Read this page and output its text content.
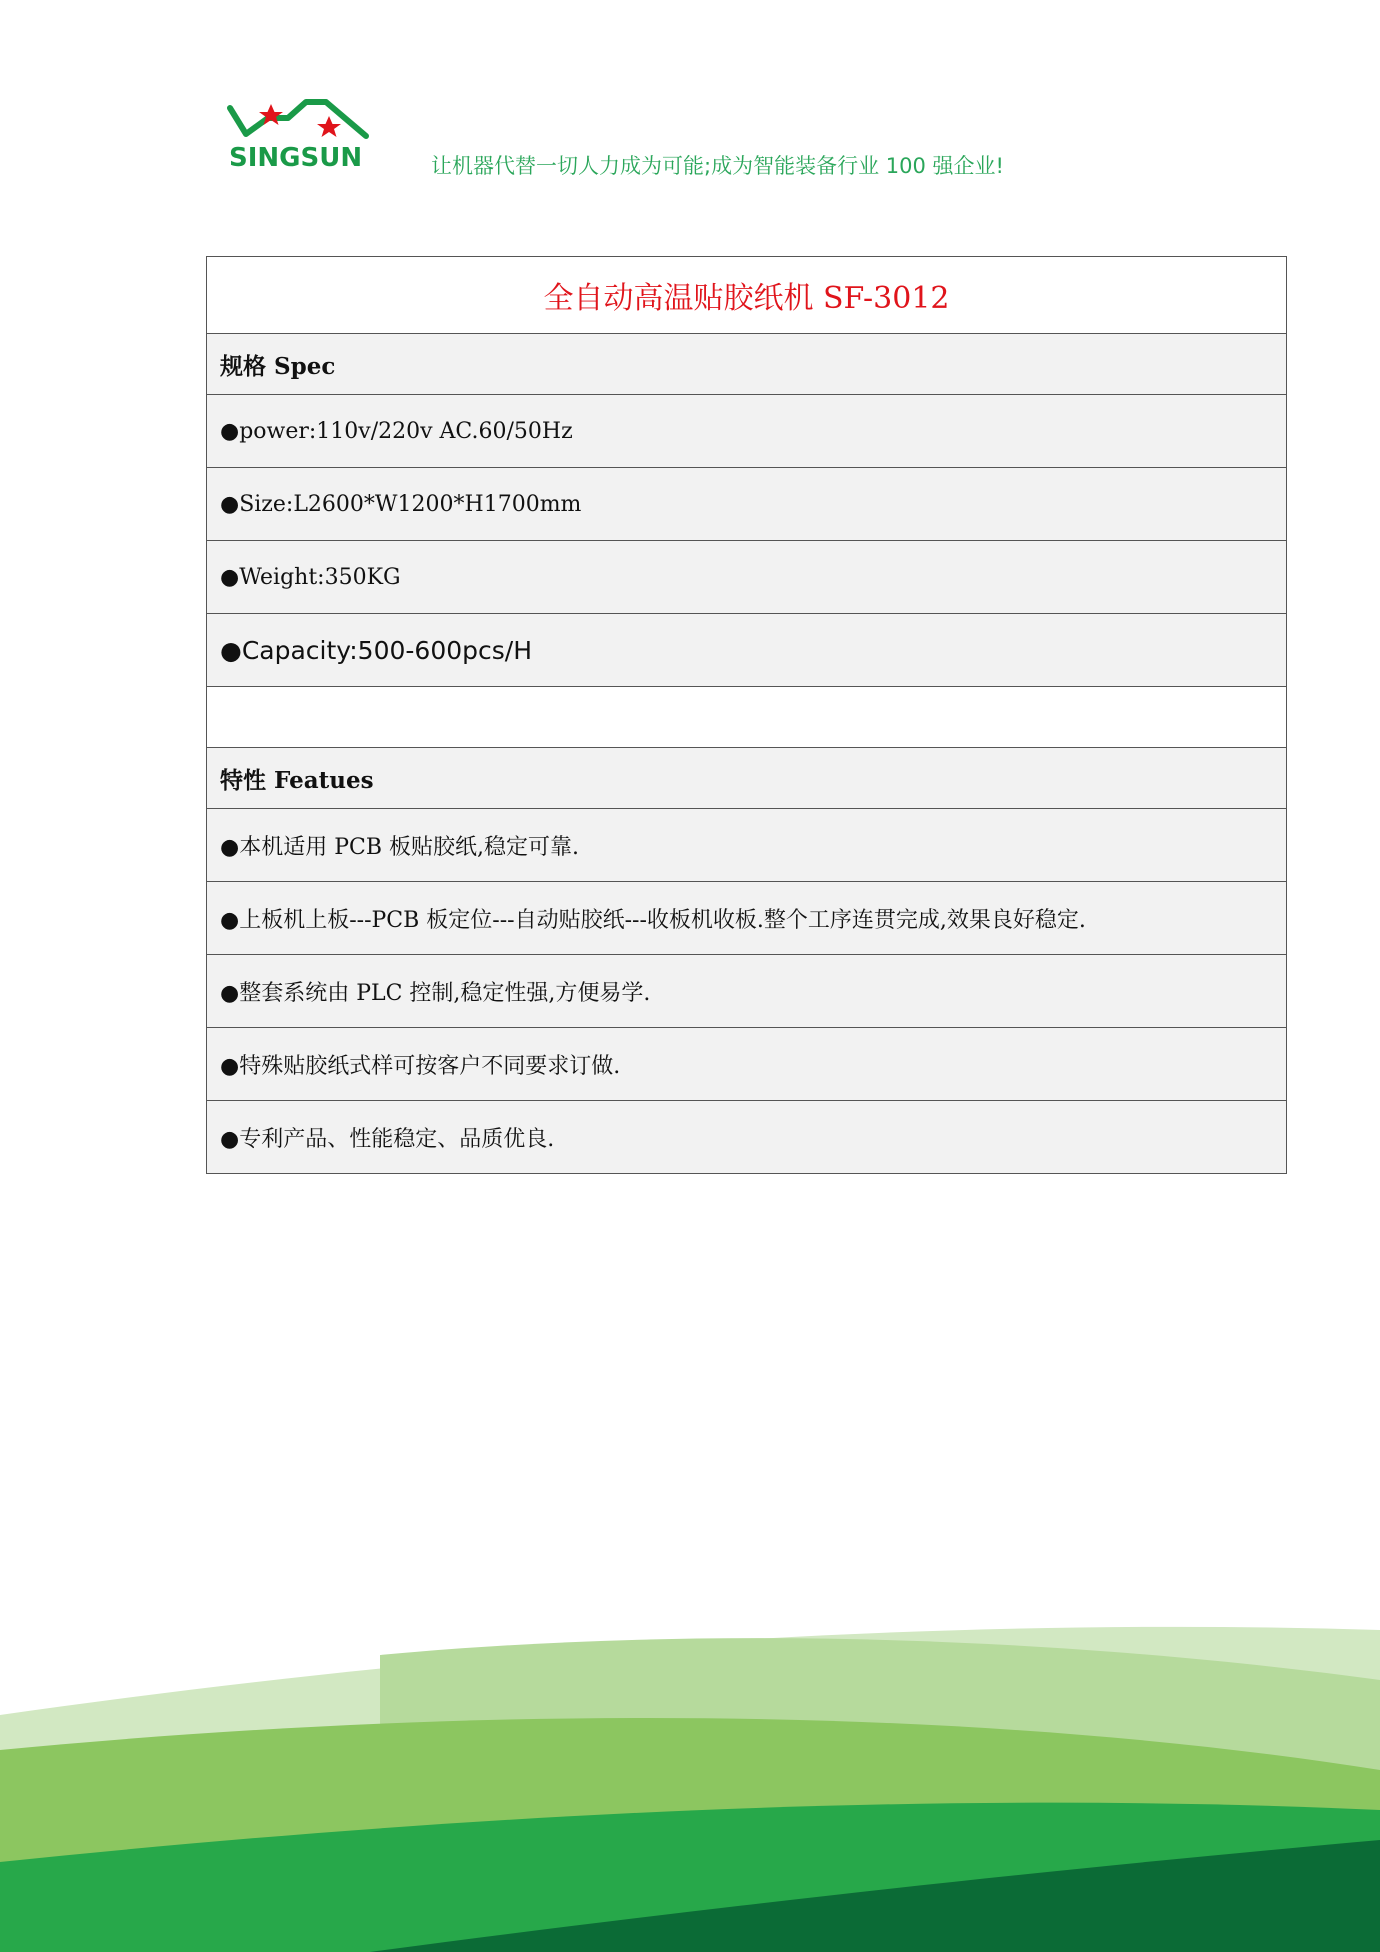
SINGSUN	让机器代替一切人力成为可能;成为智能装备行业 100 强企业!
全自动高温贴胶纸机 SF-3012
规格 Spec
●power:110v/220v AC.60/50Hz
●Size:L2600*W1200*H1700mm
●Weight:350KG
●Capacity:500-600pcs/H

特性 Featues
●本机适用 PCB 板贴胶纸,稳定可靠.
●上板机上板---PCB 板定位---自动贴胶纸---收板机收板.整个工序连贯完成,效果良好稳定.
●整套系统由 PLC 控制,稳定性强,方便易学.
●特殊贴胶纸式样可按客户不同要求订做.
●专利产品、性能稳定、品质优良.
